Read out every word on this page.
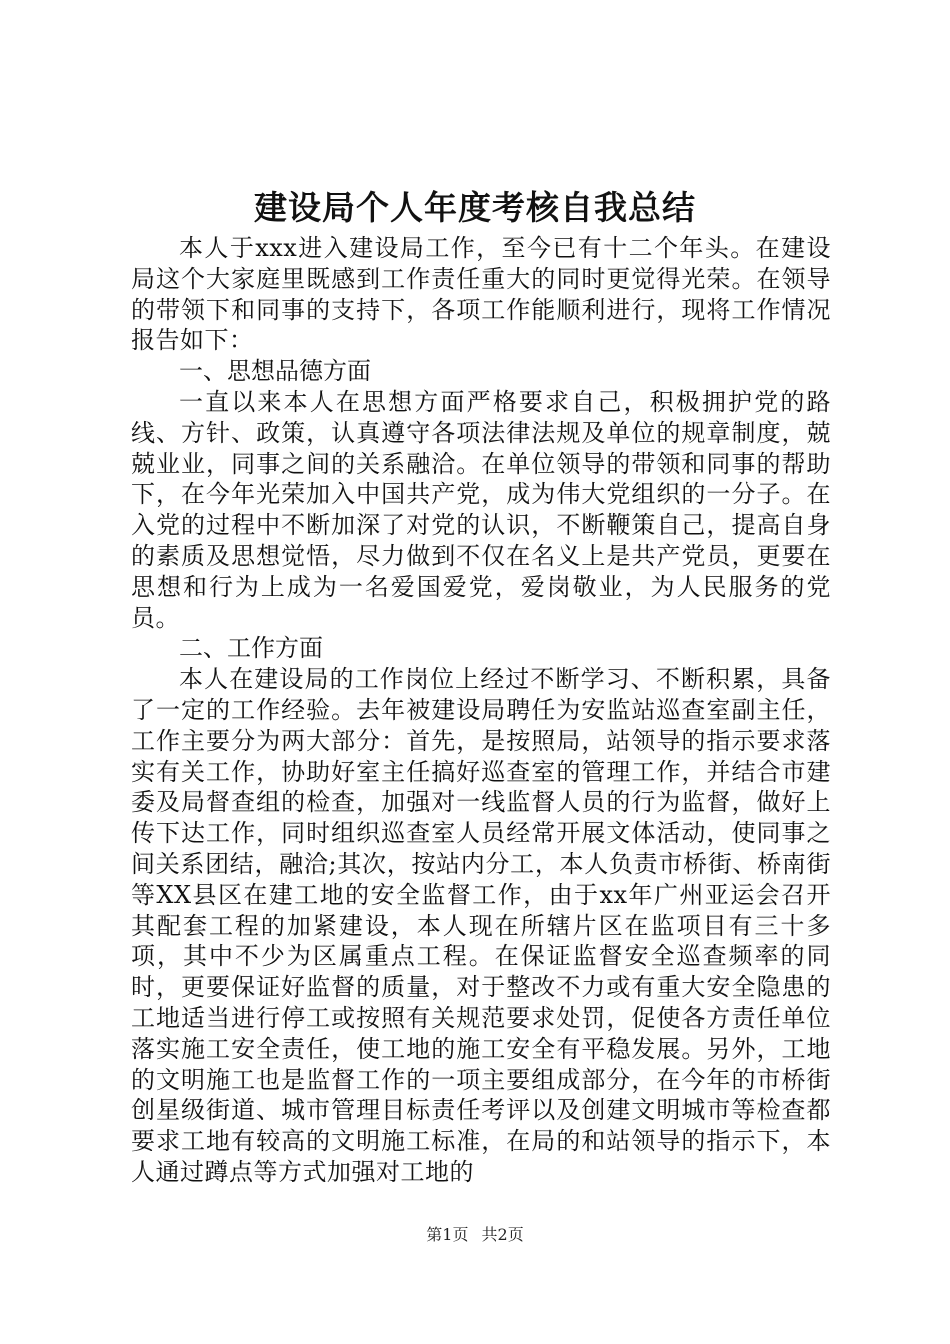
建设局个人年度考核自我总结

本人于xxx进入建设局工作，至今已有十二个年头。在建设局这个大家庭里既感到工作责任重大的同时更觉得光荣。在领导的带领下和同事的支持下，各项工作能顺利进行，现将工作情况报告如下：

一、思想品德方面

一直以来本人在思想方面严格要求自己，积极拥护党的路线、方针、政策，认真遵守各项法律法规及单位的规章制度，兢兢业业，同事之间的关系融洽。在单位领导的带领和同事的帮助下，在今年光荣加入中国共产党，成为伟大党组织的一分子。在入党的过程中不断加深了对党的认识，不断鞭策自己，提高自身的素质及思想觉悟，尽力做到不仅在名义上是共产党员，更要在思想和行为上成为一名爱国爱党，爱岗敬业，为人民服务的党员。

二、工作方面

本人在建设局的工作岗位上经过不断学习、不断积累，具备了一定的工作经验。去年被建设局聘任为安监站巡查室副主任，工作主要分为两大部分：首先，是按照局，站领导的指示要求落实有关工作，协助好室主任搞好巡查室的管理工作，并结合市建委及局督查组的检查，加强对一线监督人员的行为监督，做好上传下达工作，同时组织巡查室人员经常开展文体活动，使同事之间关系团结，融洽;其次，按站内分工，本人负责市桥街、桥南街等XX县区在建工地的安全监督工作，由于xx年广州亚运会召开其配套工程的加紧建设，本人现在所辖片区在监项目有三十多项，其中不少为区属重点工程。在保证监督安全巡查频率的同时，更要保证好监督的质量，对于整改不力或有重大安全隐患的工地适当进行停工或按照有关规范要求处罚，促使各方责任单位落实施工安全责任，使工地的施工安全有平稳发展。另外，工地的文明施工也是监督工作的一项主要组成部分，在今年的市桥街创星级街道、城市管理目标责任考评以及创建文明城市等检查都要求工地有较高的文明施工标准，在局的和站领导的指示下，本人通过蹲点等方式加强对工地的

第1页 共2页
